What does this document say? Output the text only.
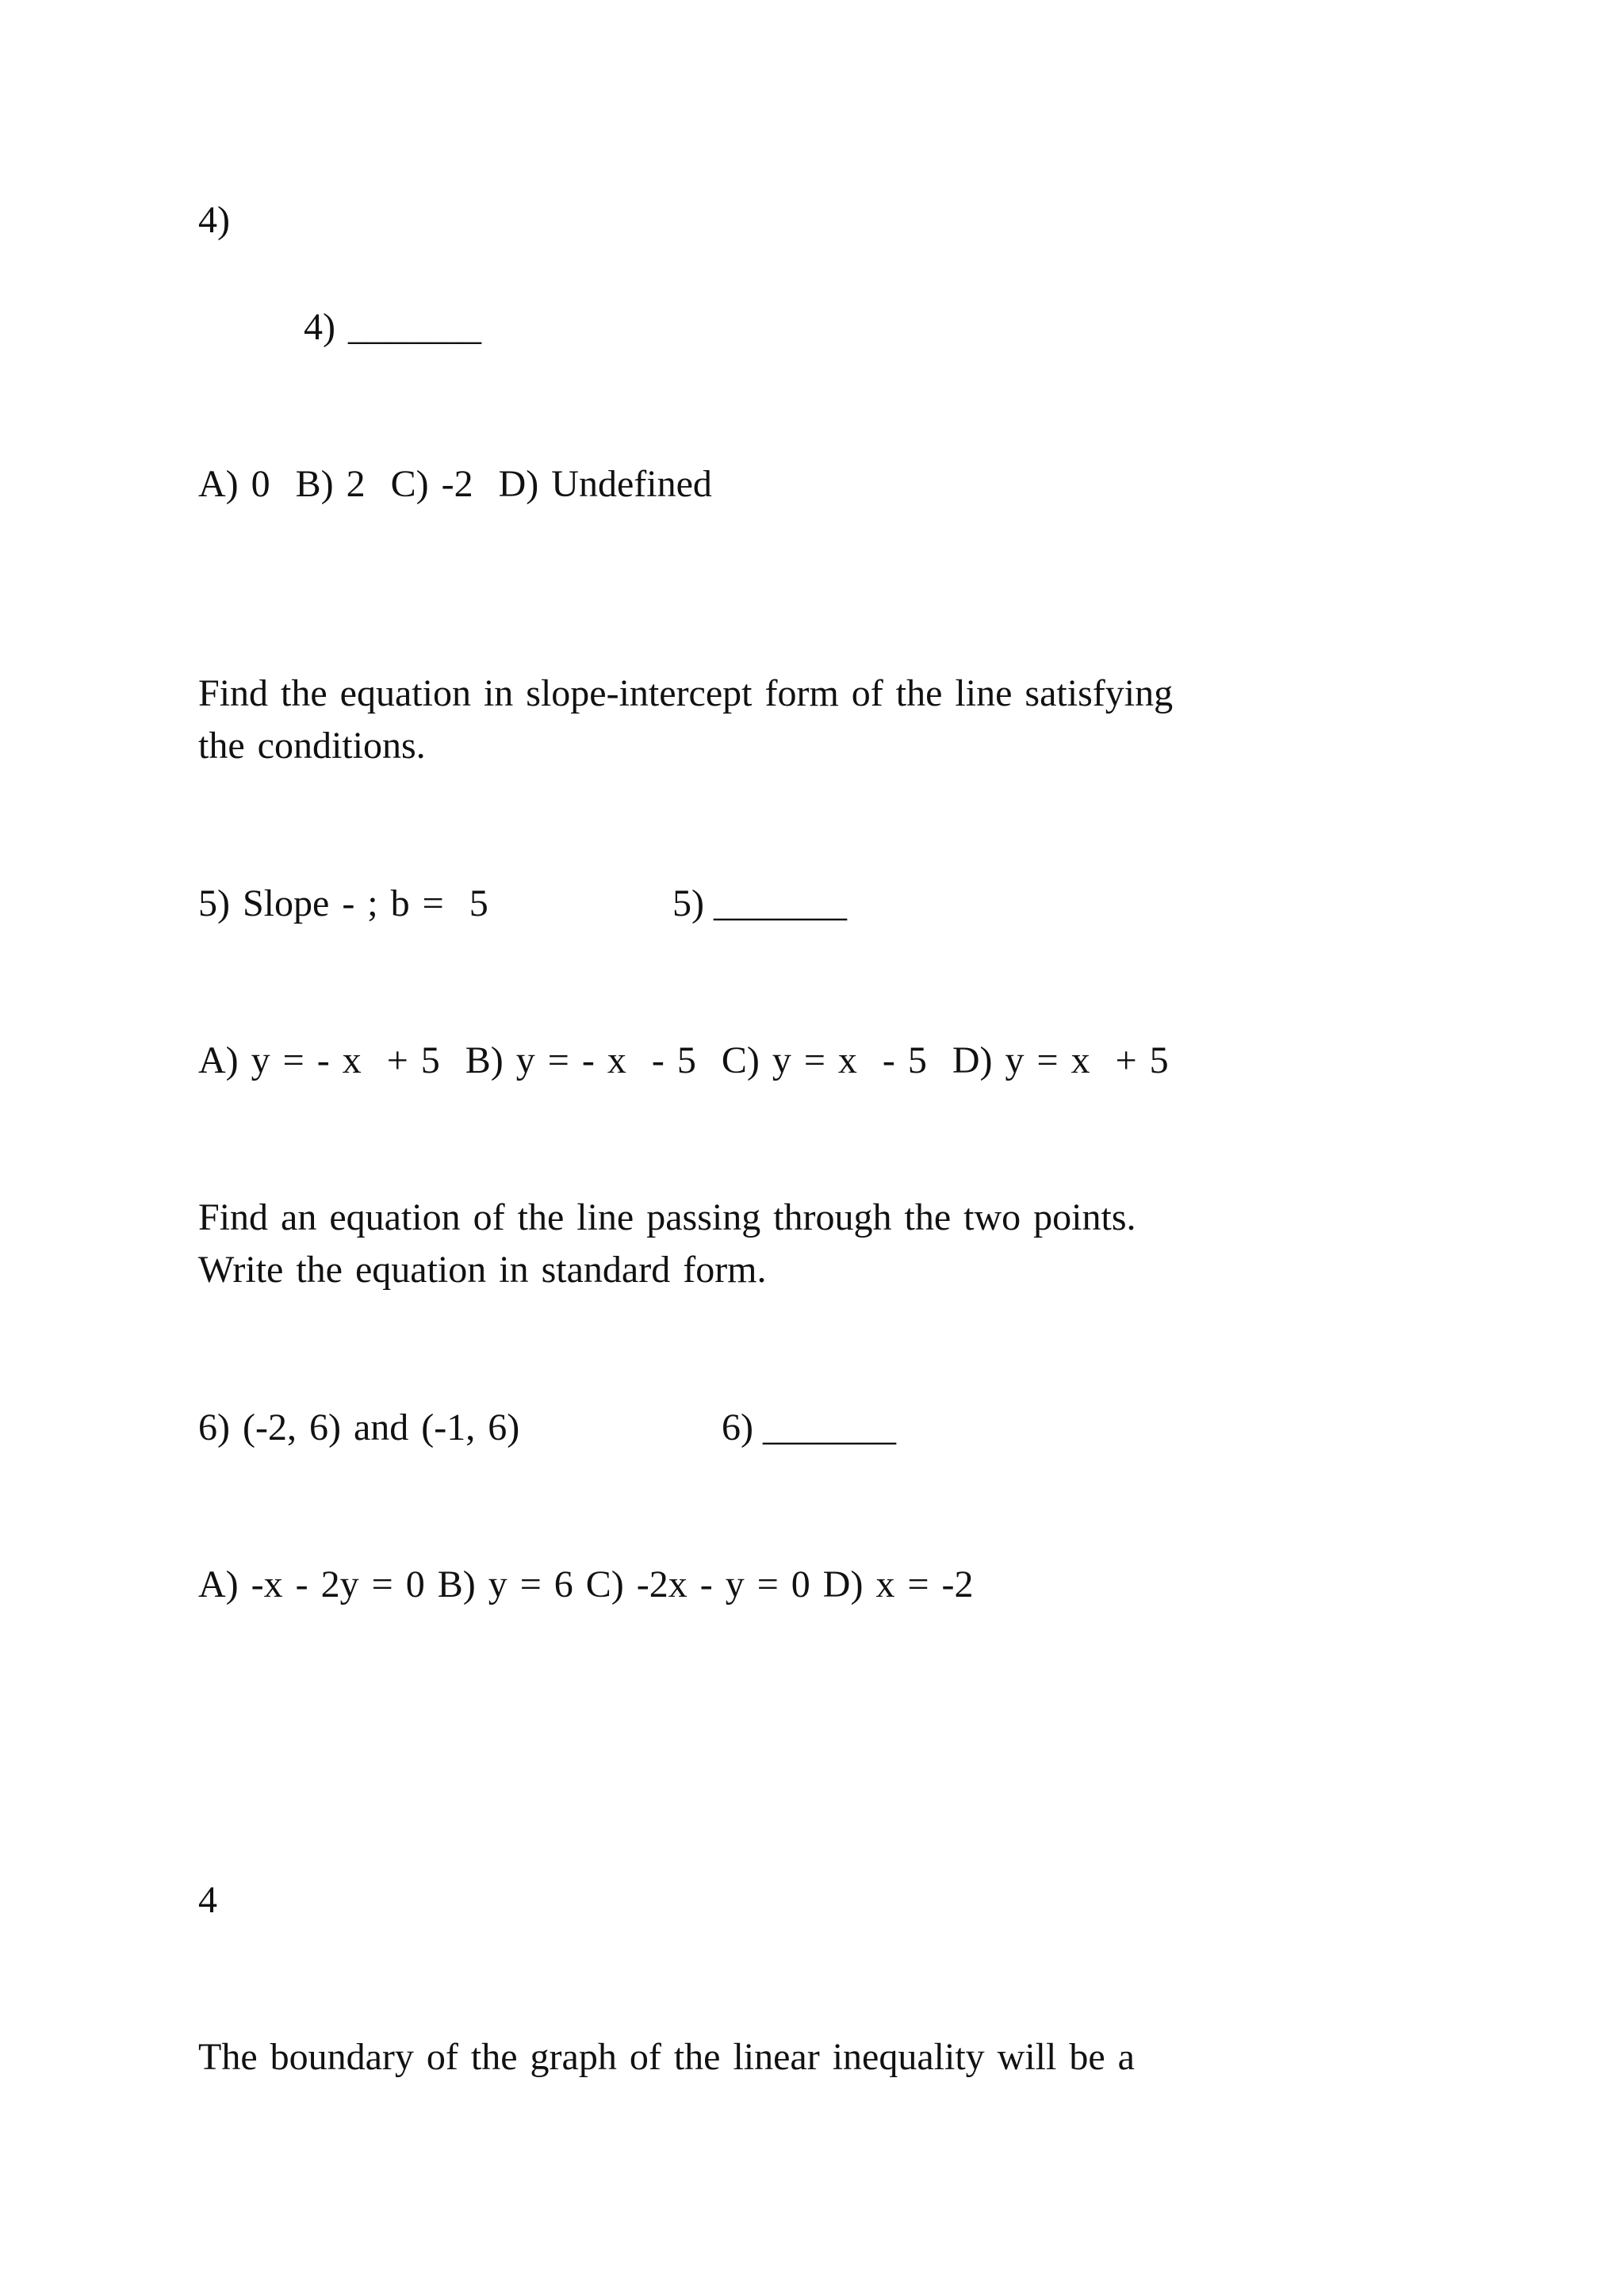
4)
4) _______
A) 0  B) 2  C) -2  D) Undefined
Find the equation in slope-intercept form of the line satisfying
the conditions.
5) Slope - ; b =  5	5) _______
A) y = - x  + 5  B) y = - x  - 5  C) y = x  - 5  D) y = x  + 5
Find an equation of the line passing through the two points.
Write the equation in standard form.
6) (-2, 6) and (-1, 6)	6) _______
A) -x - 2y = 0 B) y = 6 C) -2x - y = 0 D) x = -2
4
The boundary of the graph of the linear inequality will be a
